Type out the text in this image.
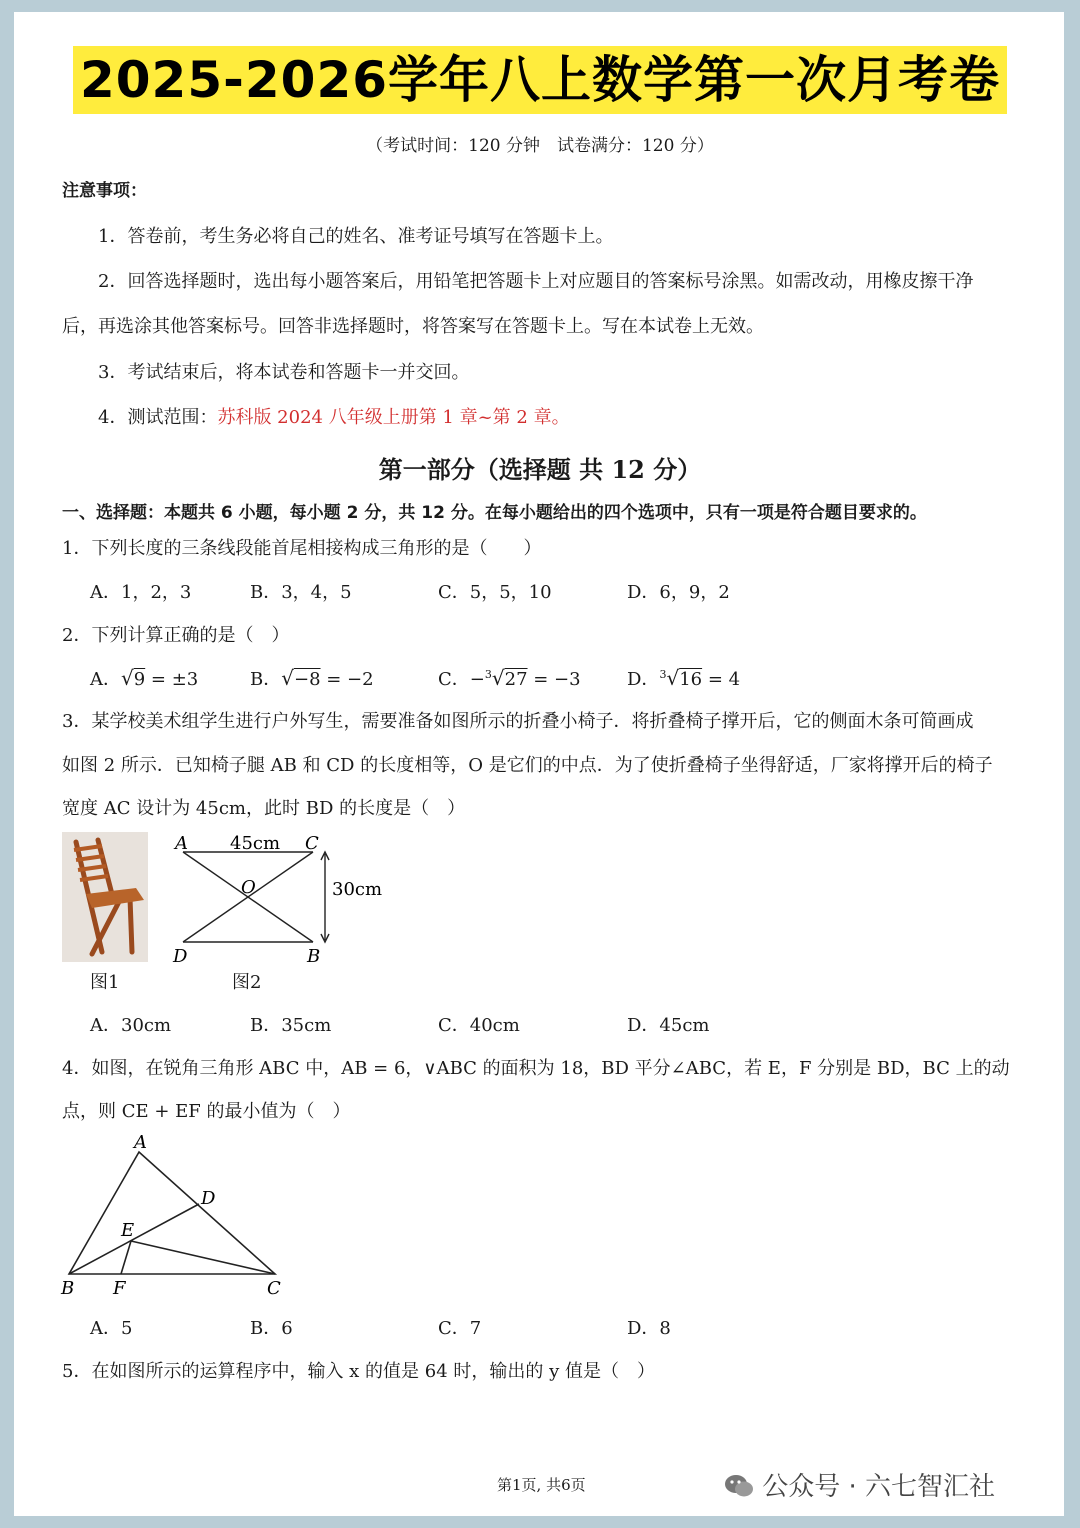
2025-2026学年八上数学第一次月考卷
（考试时间：120 分钟　试卷满分：120 分）
注意事项：
1．答卷前，考生务必将自己的姓名、准考证号填写在答题卡上。
2．回答选择题时，选出每小题答案后，用铅笔把答题卡上对应题目的答案标号涂黑。如需改动，用橡皮擦干净
后，再选涂其他答案标号。回答非选择题时，将答案写在答题卡上。写在本试卷上无效。
3．考试结束后，将本试卷和答题卡一并交回。
4．测试范围：苏科版 2024 八年级上册第 1 章~第 2 章。
第一部分（选择题 共 12 分）
一、选择题：本题共 6 小题，每小题 2 分，共 12 分。在每小题给出的四个选项中，只有一项是符合题目要求的。
1．下列长度的三条线段能首尾相接构成三角形的是（　　）
A．1，2，3	B．3，4，5	C．5，5，10	D．6，9，2
2．下列计算正确的是（　）
A．√9 = ±3	B．√−8 = −2	C．−$^3$√27 = −3	D．$^3$√16 = 4
3．某学校美术组学生进行户外写生，需要准备如图所示的折叠小椅子．将折叠椅子撑开后，它的侧面木条可简画成
如图 2 所示．已知椅子腿 AB 和 CD 的长度相等，O 是它们的中点．为了使折叠椅子坐得舒适，厂家将撑开后的椅子
宽度 AC 设计为 45cm，此时 BD 的长度是（　）
A 45cm C
O	30cm
D	B
图1	图2
A．30cm	B．35cm	C．40cm	D．45cm
4．如图，在锐角三角形 ABC 中，AB = 6，∨ABC 的面积为 18，BD 平分∠ABC，若 E，F 分别是 BD，BC 上的动
点，则 CE + EF 的最小值为（　）
A
D
E
B F	C
A．5	B．6	C．7	D．8
5．在如图所示的运算程序中，输入 x 的值是 64 时，输出的 y 值是（　）
第1页, 共6页	公众号 · 六七智汇社
